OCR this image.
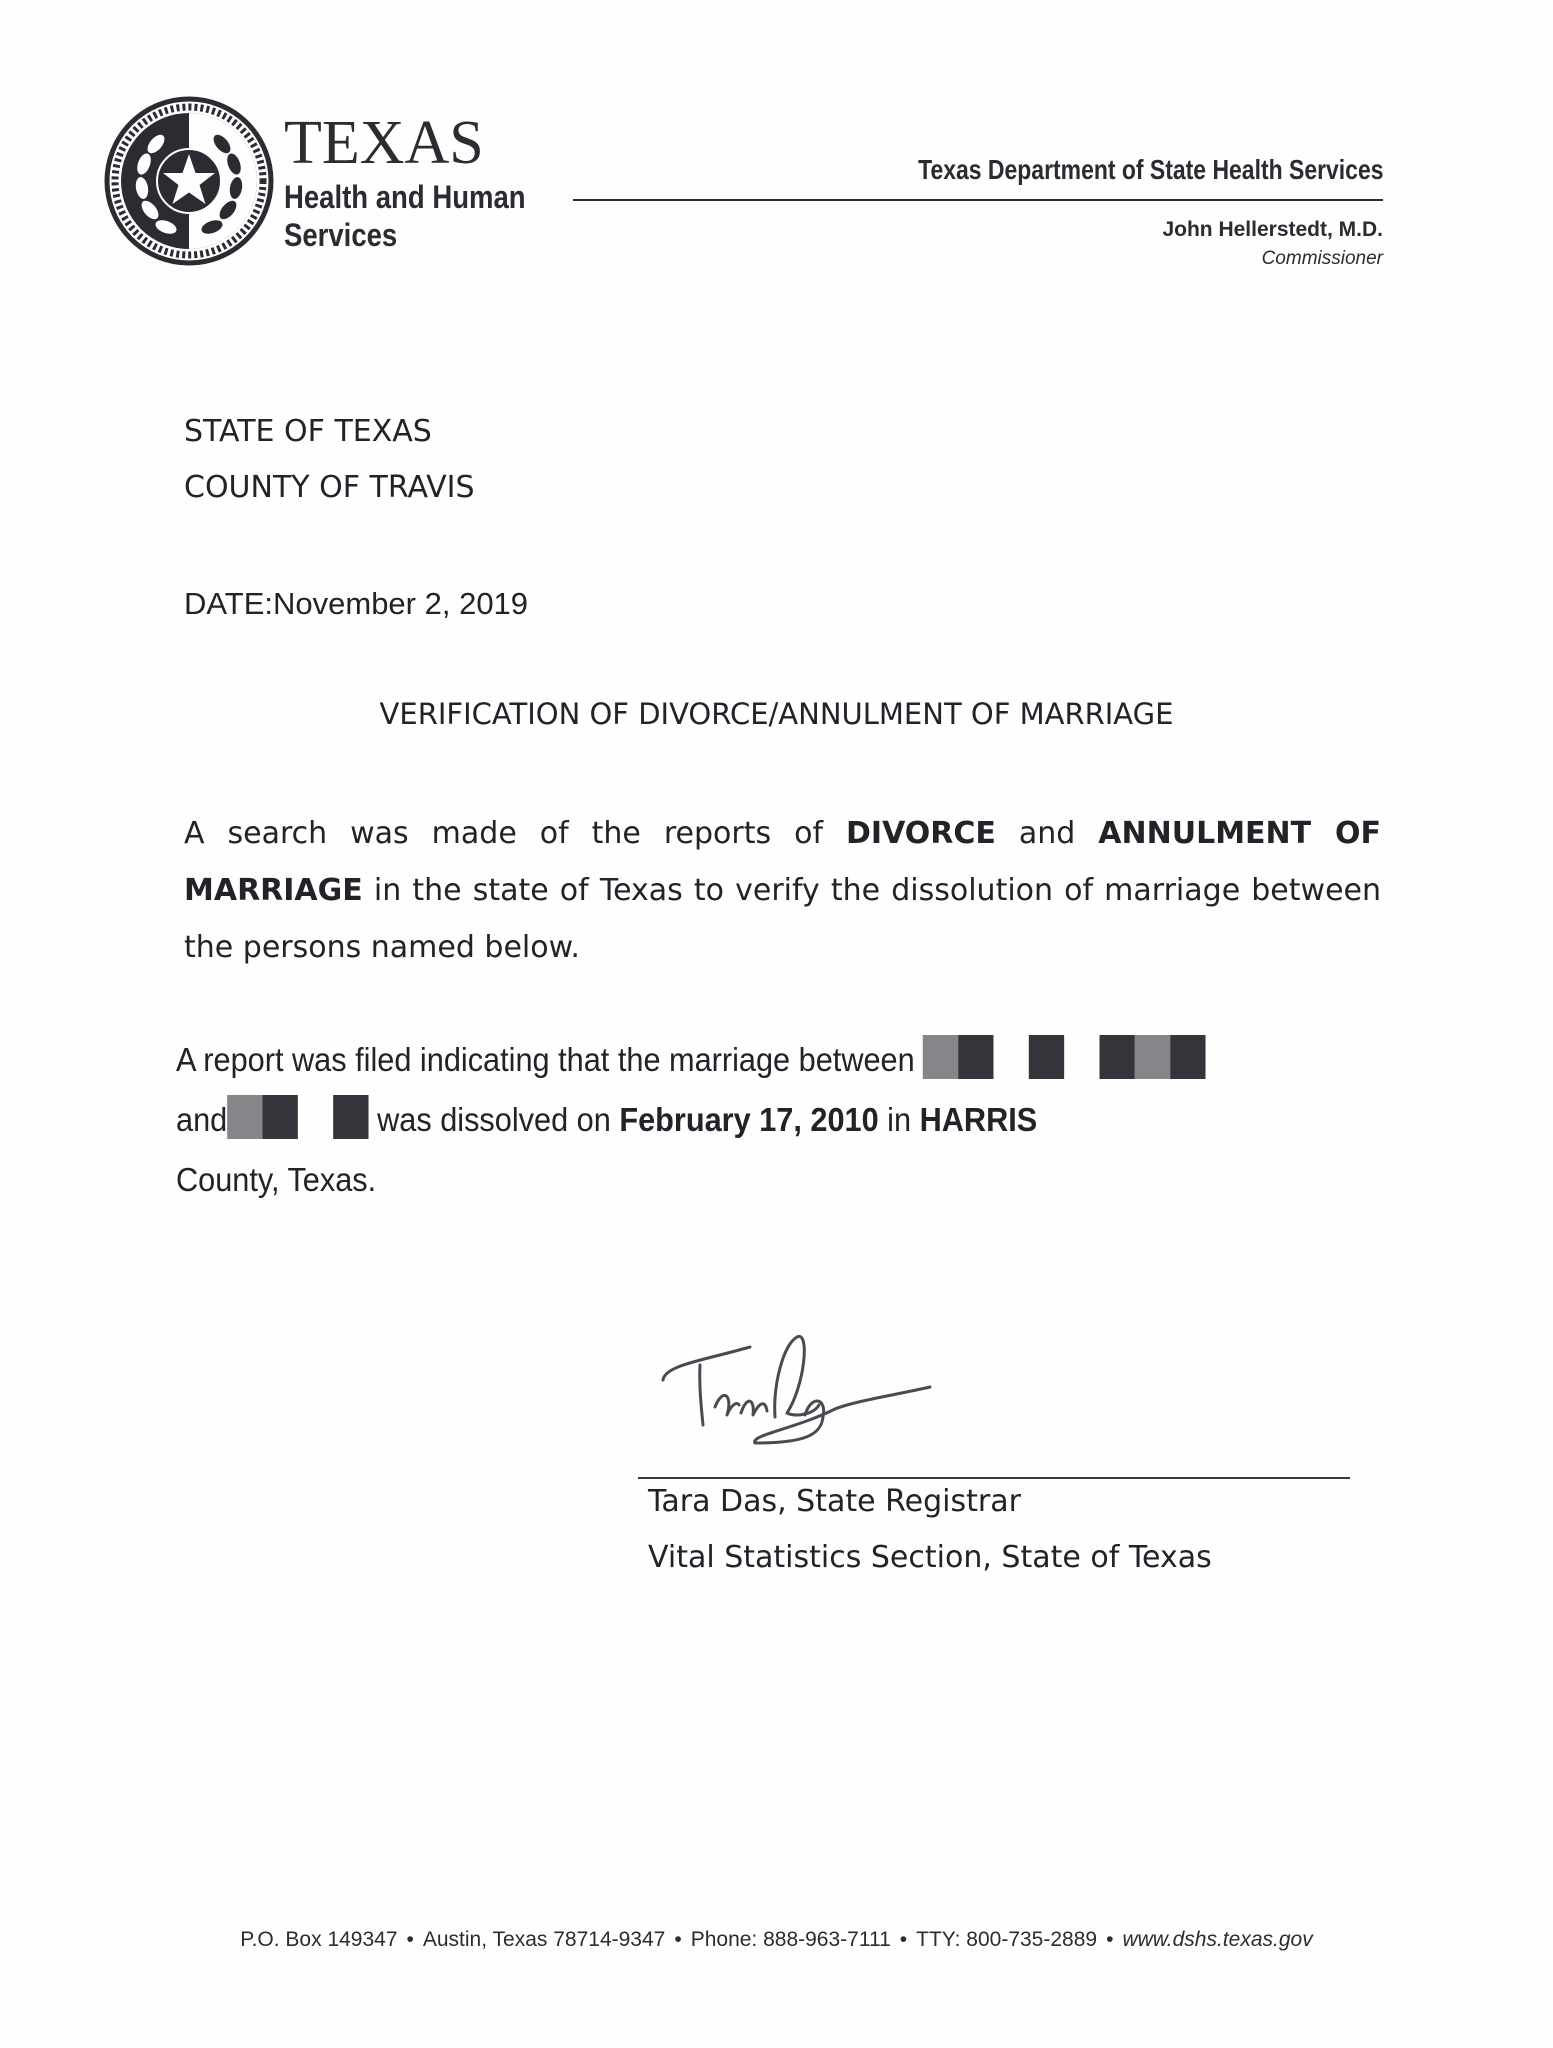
TEXAS
Health and Human
Services
Texas Department of State Health Services
John Hellerstedt, M.D.
Commissioner
STATE OF TEXAS
COUNTY OF TRAVIS
DATE:November 2, 2019
VERIFICATION OF DIVORCE/ANNULMENT OF MARRIAGE
A search was made of the reports of DIVORCE and ANNULMENT OF MARRIAGE in the state of Texas to verify the dissolution of marriage between the persons named below.
A report was filed indicating that the marriage between
and	was dissolved on February 17, 2010 in HARRIS
County, Texas.
Tara Das, State Registrar
Vital Statistics Section, State of Texas
P.O. Box 149347 • Austin, Texas 78714-9347 • Phone: 888-963-7111 • TTY: 800-735-2889 • www.dshs.texas.gov
